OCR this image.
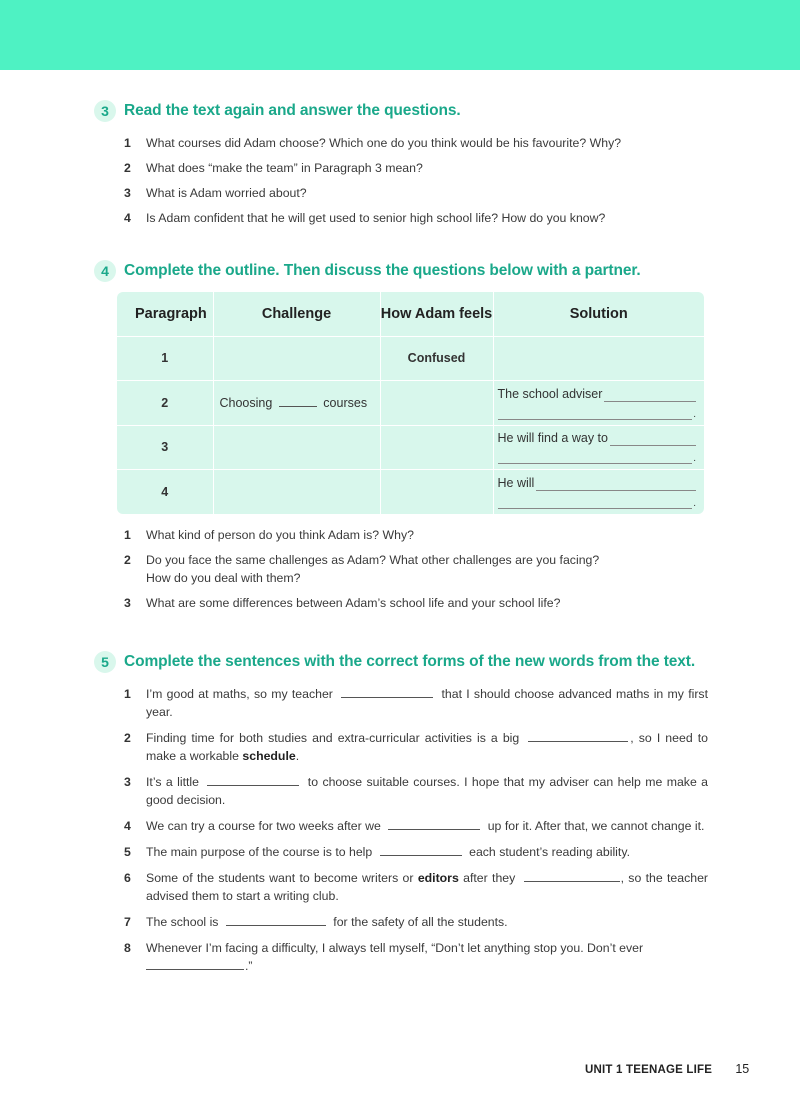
3 Read the text again and answer the questions.
1 What courses did Adam choose? Which one do you think would be his favourite? Why?
2 What does “make the team” in Paragraph 3 mean?
3 What is Adam worried about?
4 Is Adam confident that he will get used to senior high school life? How do you know?
4 Complete the outline. Then discuss the questions below with a partner.
Paragraph	Challenge	How Adam feels	Solution
1		Confused	
2	Choosing courses		The school adviser
.

3			He will find a way to
.

4			He will
.
1 What kind of person do you think Adam is? Why?
2 Do you face the same challenges as Adam? What other challenges are you facing?
How do you deal with them?
3 What are some differences between Adam’s school life and your school life?
5 Complete the sentences with the correct forms of the new words from the text.
1 I’m good at maths, so my teacher	that I should choose advanced maths in my first year.
2 Finding time for both studies and extra-curricular activities is a big	, so I need to make a workable schedule.
3 It’s a little	to choose suitable courses. I hope that my adviser can help me make a good decision.
4 We can try a course for two weeks after we	up for it. After that, we cannot change it.
5 The main purpose of the course is to help	each student’s reading ability.
6 Some of the students want to become writers or editors after they	, so the teacher advised them to start a writing club.
7 The school is	for the safety of all the students.
8 Whenever I’m facing a difficulty, I always tell myself, “Don’t let anything stop you. Don’t ever
.”
UNIT 1 TEENAGE LIFE 15
